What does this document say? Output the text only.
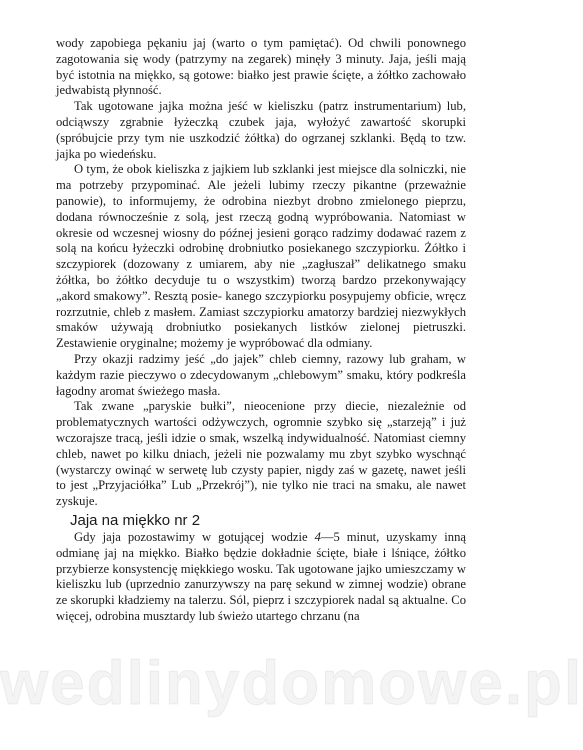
wody zapobiega pękaniu jaj (warto o tym pamiętać). Od chwili ponownego zagotowania się wody (patrzymy na zegarek) minęły 3 minuty. Jaja, jeśli mają być istotnia na miękko, są gotowe: białko jest prawie ścięte, a żółtko zachowało jedwabistą płynność.

Tak ugotowane jajka można jeść w kieliszku (patrz instrumentarium) lub, odciąwszy zgrabnie łyżeczką czubek jaja, wyłożyć zawartość skorupki (spróbujcie przy tym nie uszkodzić żółtka) do ogrzanej szklanki. Będą to tzw. jajka po wiedeńsku.

O tym, że obok kieliszka z jajkiem lub szklanki jest miejsce dla solniczki, nie ma potrzeby przypominać. Ale jeżeli lubimy rzeczy pikantne (przeważnie panowie), to informujemy, że odrobina niezbyt drobno zmielonego pieprzu, dodana równocześnie z solą, jest rzeczą godną wypróbowania. Natomiast w okresie od wczesnej wiosny do późnej jesieni gorąco radzimy dodawać razem z solą na końcu łyżeczki odrobinę drobniutko posiekanego szczypiorku. Żółtko i szczypiorek (dozowany z umiarem, aby nie „zagłuszał” delikatnego smaku żółtka, bo żółtko decyduje tu o wszystkim) tworzą bardzo przekonywający „akord smakowy”. Resztą posie- kanego szczypiorku posypujemy obficie, wręcz rozrzutnie, chleb z masłem. Zamiast szczypiorku amatorzy bardziej niezwykłych smaków używają drobniutko posiekanych listków zielonej pietruszki. Zestawienie oryginalne; możemy je wypróbować dla odmiany.

Przy okazji radzimy jeść „do jajek” chleb ciemny, razowy lub graham, w każdym razie pieczywo o zdecydowanym „chlebowym” smaku, który podkreśla łagodny aromat świeżego masła.

Tak zwane „paryskie bułki”, nieocenione przy diecie, niezależnie od problematycznych wartości odżywczych, ogromnie szybko się „starzeją” i już wczorajsze tracą, jeśli idzie o smak, wszelką indywidualność. Natomiast ciemny chleb, nawet po kilku dniach, jeżeli nie pozwalamy mu zbyt szybko wyschnąć (wystarczy owinąć w serwetę lub czysty papier, nigdy zaś w gazetę, nawet jeśli to jest „Przyjaciółka” Lub „Przekrój”), nie tylko nie traci na smaku, ale nawet zyskuje.

Jaja na miękko nr 2

Gdy jaja pozostawimy w gotującej wodzie 4—5 minut, uzyskamy inną odmianę jaj na miękko. Białko będzie dokładnie ścięte, białe i lśniące, żółtko przybierze konsystencję miękkiego wosku. Tak ugotowane jajko umieszczamy w kieliszku lub (uprzednio zanurzywszy na parę sekund w zimnej wodzie) obrane ze skorupki kładziemy na talerzu. Sól, pieprz i szczypiorek nadal są aktualne. Co więcej, odrobina musztardy lub świeżo utartego chrzanu (na

wedlinydomowe.pl
